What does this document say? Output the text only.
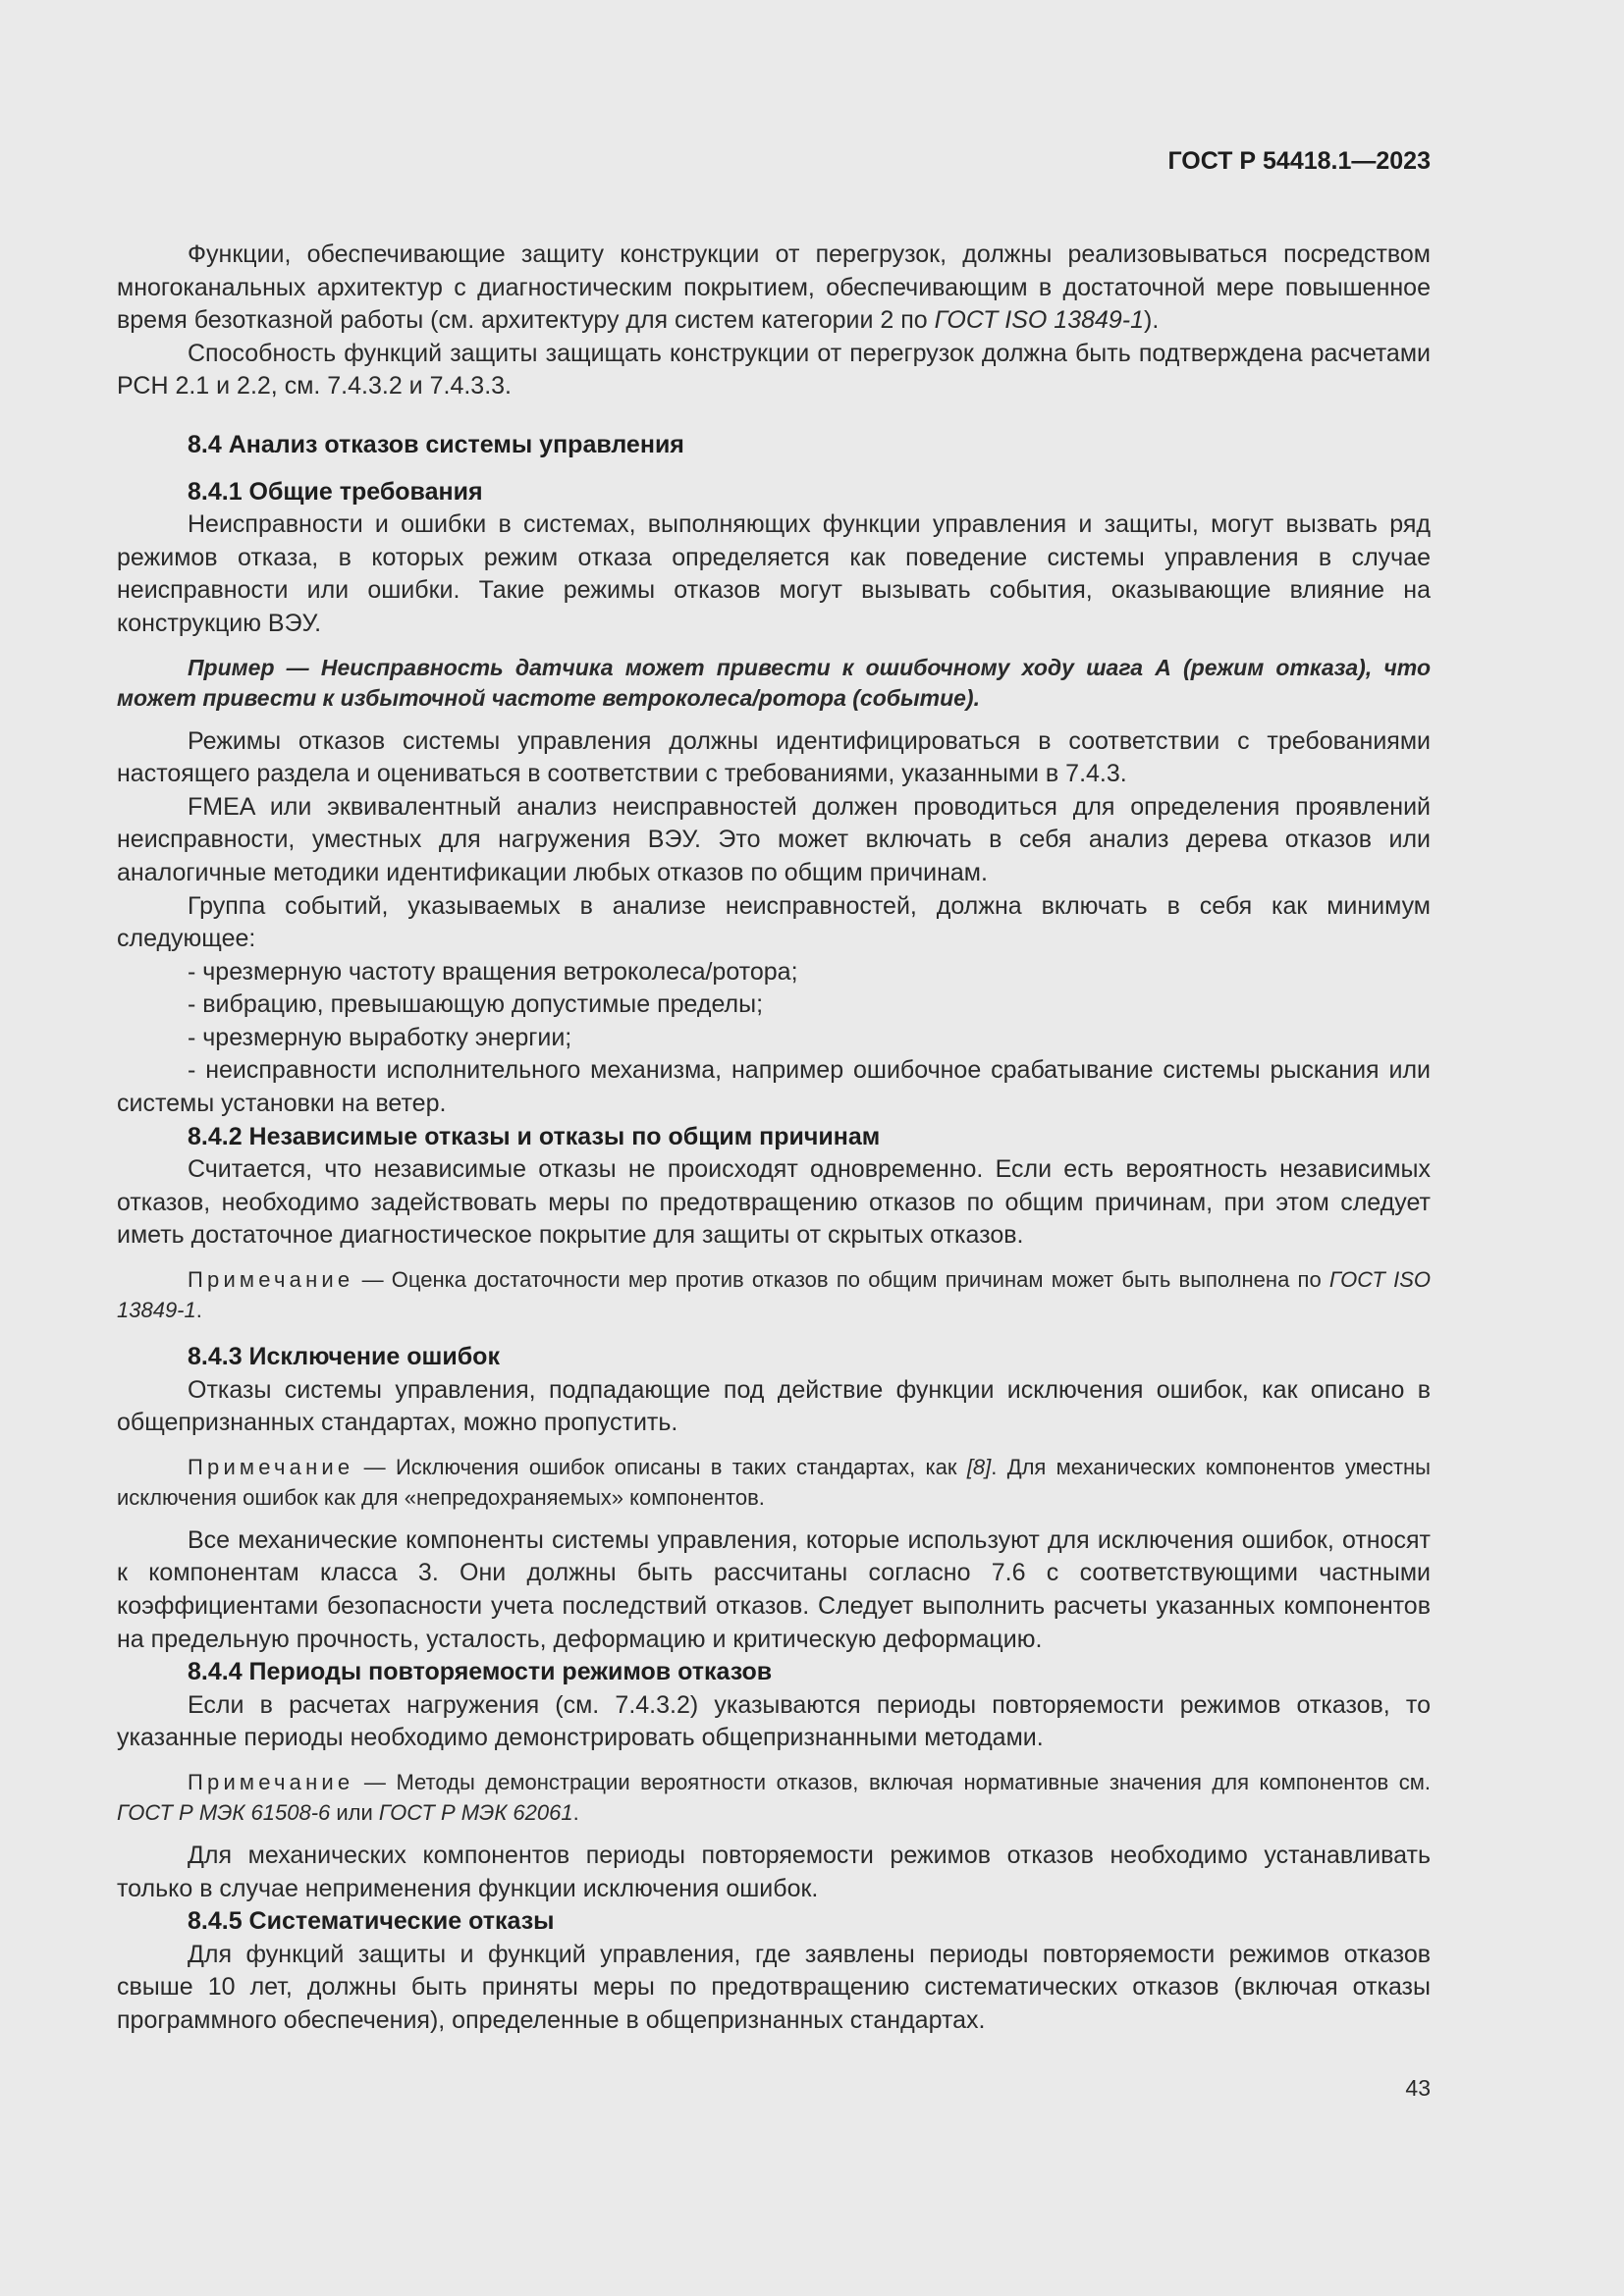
ГОСТ Р 54418.1—2023

Функции, обеспечивающие защиту конструкции от перегрузок, должны реализовываться посредством многоканальных архитектур с диагностическим покрытием, обеспечивающим в достаточной мере повышенное время безотказной работы (см. архитектуру для систем категории 2 по ГОСТ ISO 13849-1).

Способность функций защиты защищать конструкции от перегрузок должна быть подтверждена расчетами РСН 2.1 и 2.2, см. 7.4.3.2 и 7.4.3.3.

8.4 Анализ отказов системы управления
8.4.1 Общие требования

Неисправности и ошибки в системах, выполняющих функции управления и защиты, могут вызвать ряд режимов отказа, в которых режим отказа определяется как поведение системы управления в случае неисправности или ошибки. Такие режимы отказов могут вызывать события, оказывающие влияние на конструкцию ВЭУ.

Пример — Неисправность датчика может привести к ошибочному ходу шага А (режим отказа), что может привести к избыточной частоте ветроколеса/ротора (событие).

Режимы отказов системы управления должны идентифицироваться в соответствии с требованиями настоящего раздела и оцениваться в соответствии с требованиями, указанными в 7.4.3.

FMEA или эквивалентный анализ неисправностей должен проводиться для определения проявлений неисправности, уместных для нагружения ВЭУ. Это может включать в себя анализ дерева отказов или аналогичные методики идентификации любых отказов по общим причинам.

Группа событий, указываемых в анализе неисправностей, должна включать в себя как минимум следующее:

- чрезмерную частоту вращения ветроколеса/ротора;

- вибрацию, превышающую допустимые пределы;

- чрезмерную выработку энергии;

- неисправности исполнительного механизма, например ошибочное срабатывание системы рыскания или системы установки на ветер.

8.4.2 Независимые отказы и отказы по общим причинам

Считается, что независимые отказы не происходят одновременно. Если есть вероятность независимых отказов, необходимо задействовать меры по предотвращению отказов по общим причинам, при этом следует иметь достаточное диагностическое покрытие для защиты от скрытых отказов.

Примечание — Оценка достаточности мер против отказов по общим причинам может быть выполнена по ГОСТ ISO 13849-1.

8.4.3 Исключение ошибок

Отказы системы управления, подпадающие под действие функции исключения ошибок, как описано в общепризнанных стандартах, можно пропустить.

Примечание — Исключения ошибок описаны в таких стандартах, как [8]. Для механических компонентов уместны исключения ошибок как для «непредохраняемых» компонентов.

Все механические компоненты системы управления, которые используют для исключения ошибок, относят к компонентам класса 3. Они должны быть рассчитаны согласно 7.6 с соответствующими частными коэффициентами безопасности учета последствий отказов. Следует выполнить расчеты указанных компонентов на предельную прочность, усталость, деформацию и критическую деформацию.

8.4.4 Периоды повторяемости режимов отказов

Если в расчетах нагружения (см. 7.4.3.2) указываются периоды повторяемости режимов отказов, то указанные периоды необходимо демонстрировать общепризнанными методами.

Примечание — Методы демонстрации вероятности отказов, включая нормативные значения для компонентов см. ГОСТ Р МЭК 61508-6 или ГОСТ Р МЭК 62061.

Для механических компонентов периоды повторяемости режимов отказов необходимо устанавливать только в случае неприменения функции исключения ошибок.

8.4.5 Систематические отказы

Для функций защиты и функций управления, где заявлены периоды повторяемости режимов отказов свыше 10 лет, должны быть приняты меры по предотвращению систематических отказов (включая отказы программного обеспечения), определенные в общепризнанных стандартах.

43
